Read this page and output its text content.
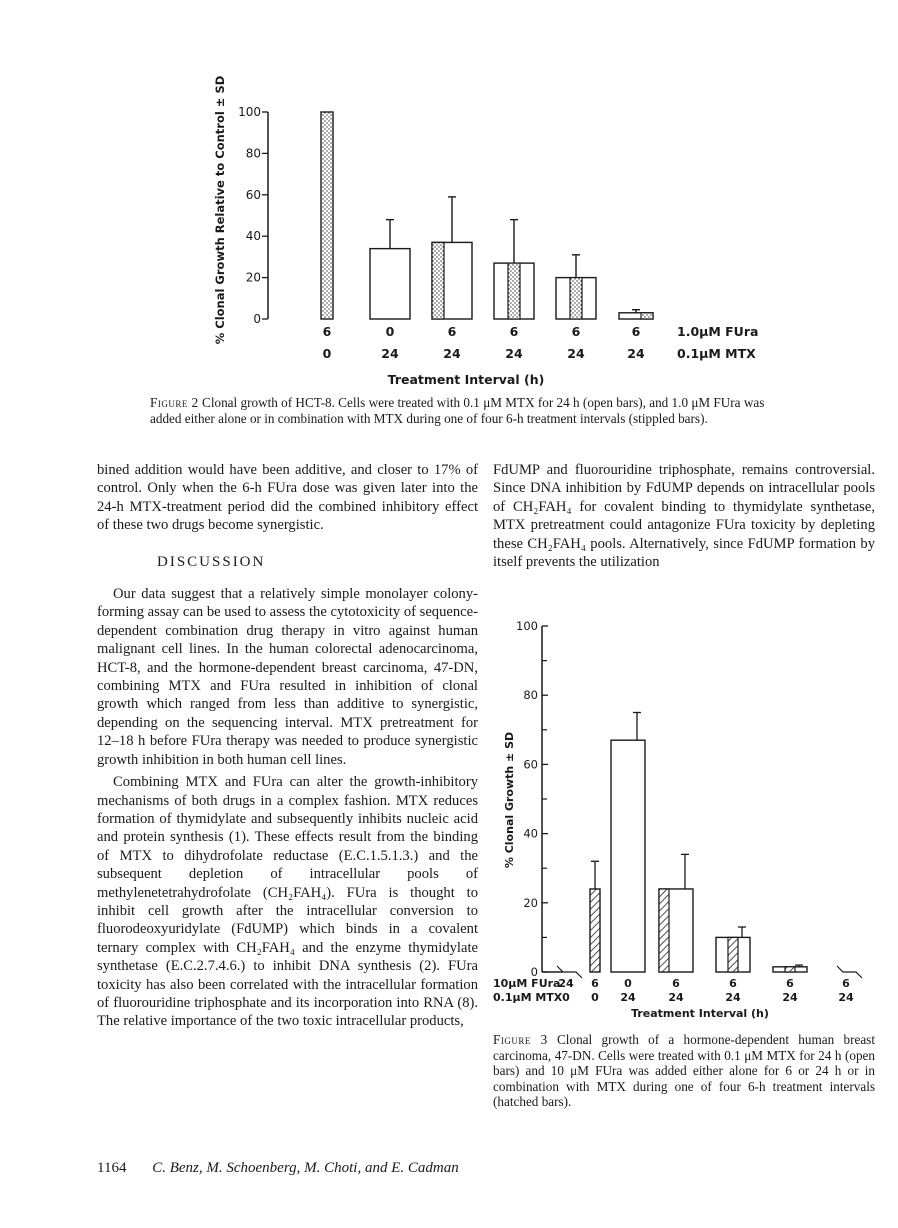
0
20
40
60
80
100
% Clonal Growth Relative to Control ± SD	6
0
0
24
6
24
6
24
6
24
6
24
1.0μM FUra
0.1μM MTX
Treatment Interval (h)
Figure 2 Clonal growth of HCT-8. Cells were treated with 0.1 μM MTX for 24 h (open bars), and 1.0 μM FUra was added either alone or in combination with MTX during one of four 6-h treatment intervals (stippled bars).

bined addition would have been additive, and closer to 17% of control. Only when the 6-h FUra dose was given later into the 24-h MTX-treatment period did the combined inhibitory effect of these two drugs become synergistic.

DISCUSSION

Our data suggest that a relatively simple monolayer colony-forming assay can be used to assess the cytotoxicity of sequence-dependent combination drug therapy in vitro against human malignant cell lines. In the human colorectal adenocarcinoma, HCT-8, and the hormone-dependent breast carcinoma, 47-DN, combining MTX and FUra resulted in inhibition of clonal growth which ranged from less than additive to synergistic, depending on the sequencing interval. MTX pretreatment for 12–18 h before FUra therapy was needed to produce synergistic growth inhibition in both human cell lines.

Combining MTX and FUra can alter the growth-inhibitory mechanisms of both drugs in a complex fashion. MTX reduces formation of thymidylate and subsequently inhibits nucleic acid and protein synthesis (1). These effects result from the binding of MTX to dihydrofolate reductase (E.C.1.5.1.3.) and the subsequent depletion of intracellular pools of methylenetetrahydrofolate (CH₂FAH₄). FUra is thought to inhibit cell growth after the intracellular conversion to fluorodeoxyuridylate (FdUMP) which binds in a covalent ternary complex with CH₂FAH₄ and the enzyme thymidylate synthetase (E.C.2.7.4.6.) to inhibit DNA synthesis (2). FUra toxicity has also been correlated with the intracellular formation of fluorouridine triphosphate and its incorporation into RNA (8). The relative importance of the two toxic intracellular products,

FdUMP and fluorouridine triphosphate, remains controversial. Since DNA inhibition by FdUMP depends on intracellular pools of CH₂FAH₄ for covalent binding to thymidylate synthetase, MTX pretreatment could antagonize FUra toxicity by depleting these CH₂FAH₄ pools. Alternatively, since FdUMP formation by itself prevents the utilization

0
20
40
60
80
100
% Clonal Growth ± SD
24
0
6
0
0
24
6
24
6
24
6
24
6
24
10μM FUra
0.1μM MTX
Treatment Interval (h)
Figure 3 Clonal growth of a hormone-dependent human breast carcinoma, 47-DN. Cells were treated with 0.1 μM MTX for 24 h (open bars) and 10 μM FUra was added either alone for 6 or 24 h or in combination with MTX during one of four 6-h treatment intervals (hatched bars).
1164 C. Benz, M. Schoenberg, M. Choti, and E. Cadman
